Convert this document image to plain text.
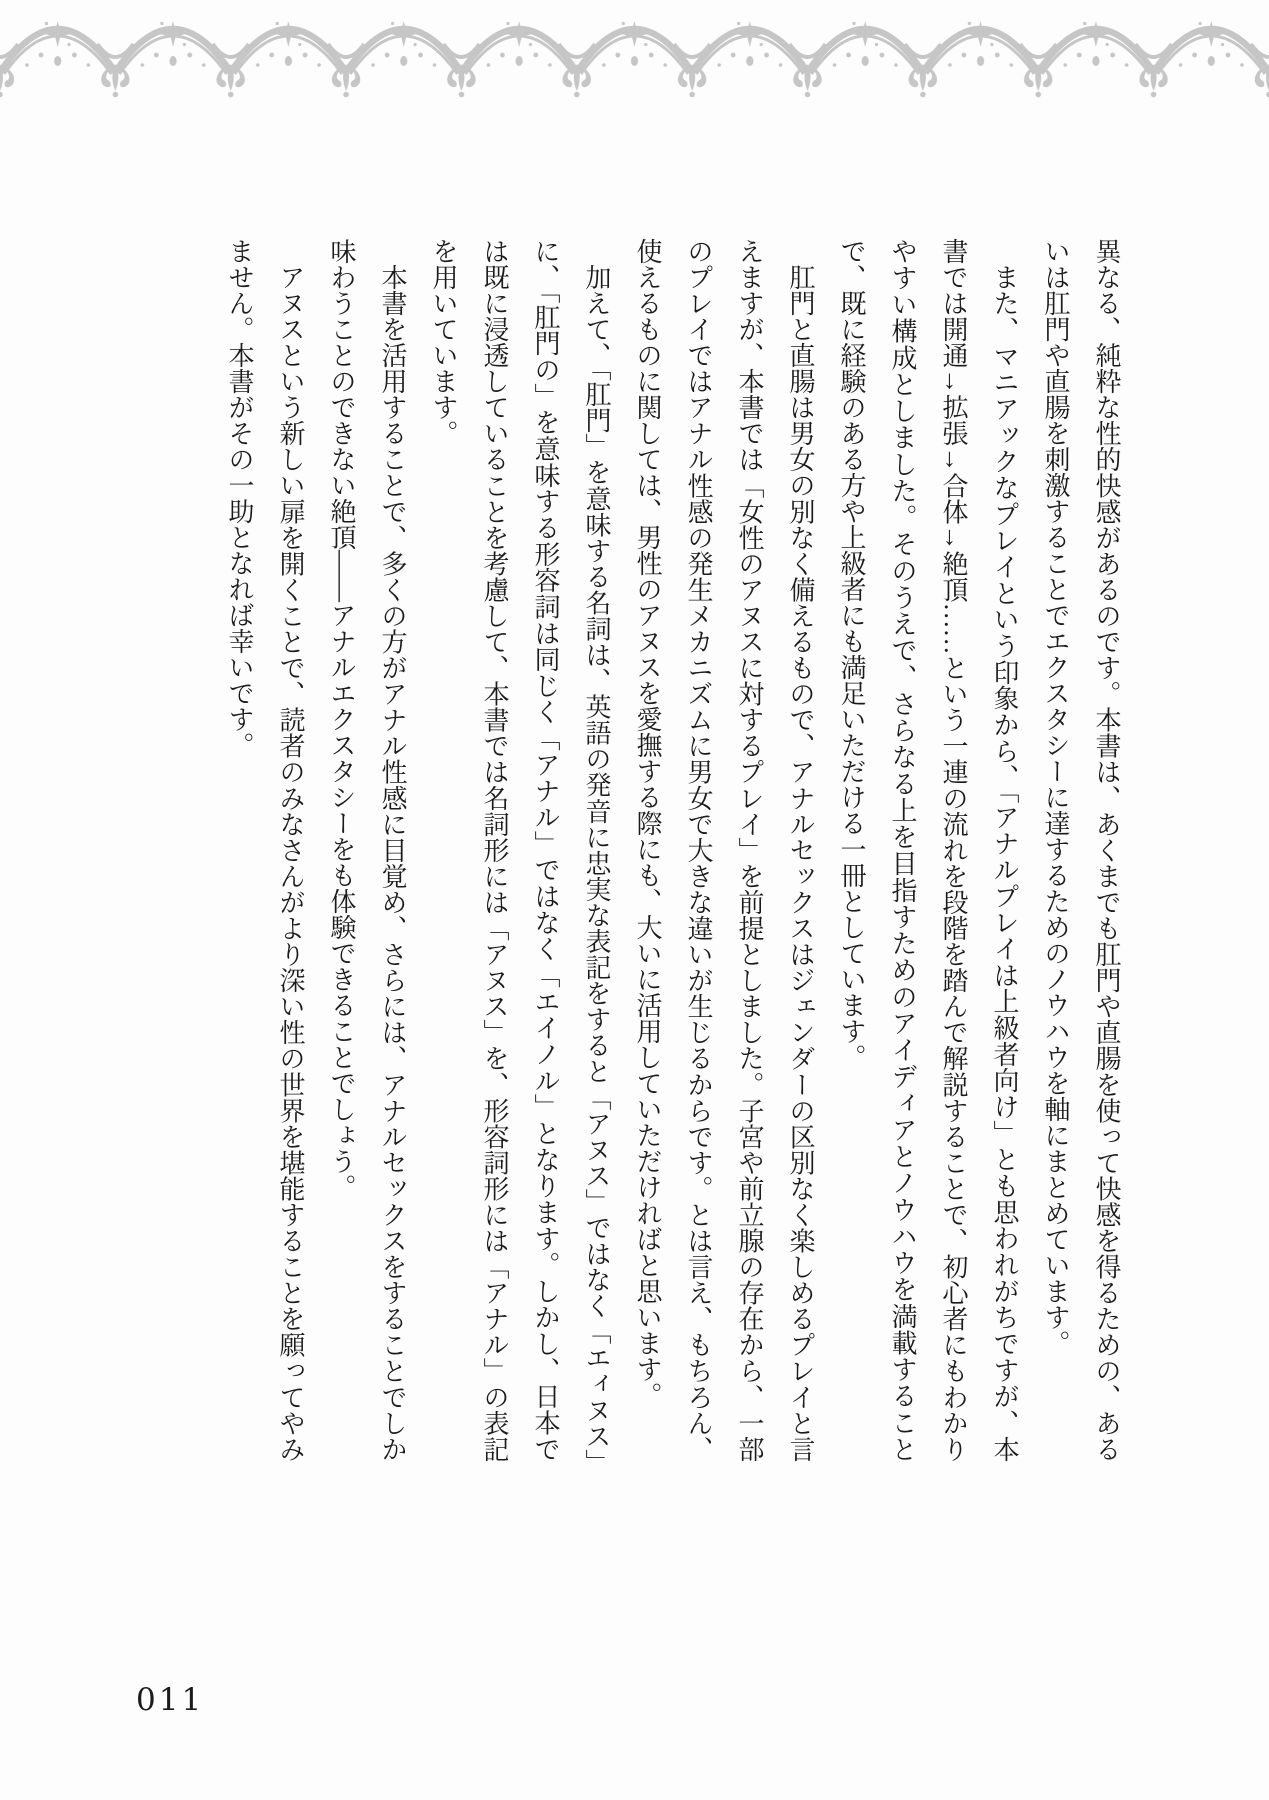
異なる、純粋な性的快感があるのです。本書は、あくまでも肛門や直腸を使って快感を得るための、あるいは肛門や直腸を刺激することでエクスタシーに達するためのノウハウを軸にまとめています。

また、マニアックなプレイという印象から、「アナルプレイは上級者向け」とも思われがちですが、本書では開通→拡張→合体→絶頂……という一連の流れを段階を踏んで解説することで、初心者にもわかりやすい構成としました。そのうえで、さらなる上を目指すためのアイディアとノウハウを満載することで、既に経験のある方や上級者にも満足いただける一冊としています。

肛門と直腸は男女の別なく備えるもので、アナルセックスはジェンダーの区別なく楽しめるプレイと言えますが、本書では「女性のアヌスに対するプレイ」を前提としました。子宮や前立腺の存在から、一部のプレイではアナル性感の発生メカニズムに男女で大きな違いが生じるからです。とは言え、もちろん、使えるものに関しては、男性のアヌスを愛撫する際にも、大いに活用していただければと思います。

加えて、「肛門」を意味する名詞は、英語の発音に忠実な表記をすると「アヌス」ではなく「エィヌス」に、「肛門の」を意味する形容詞は同じく「アナル」ではなく「エイノル」となります。しかし、日本では既に浸透していることを考慮して、本書では名詞形には「アヌス」を、形容詞形には「アナル」の表記を用いています。

本書を活用することで、多くの方がアナル性感に目覚め、さらには、アナルセックスをすることでしか味わうことのできない絶頂——アナルエクスタシーをも体験できることでしょう。

アヌスという新しい扉を開くことで、読者のみなさんがより深い性の世界を堪能することを願ってやみません。本書がその一助となれば幸いです。

011
